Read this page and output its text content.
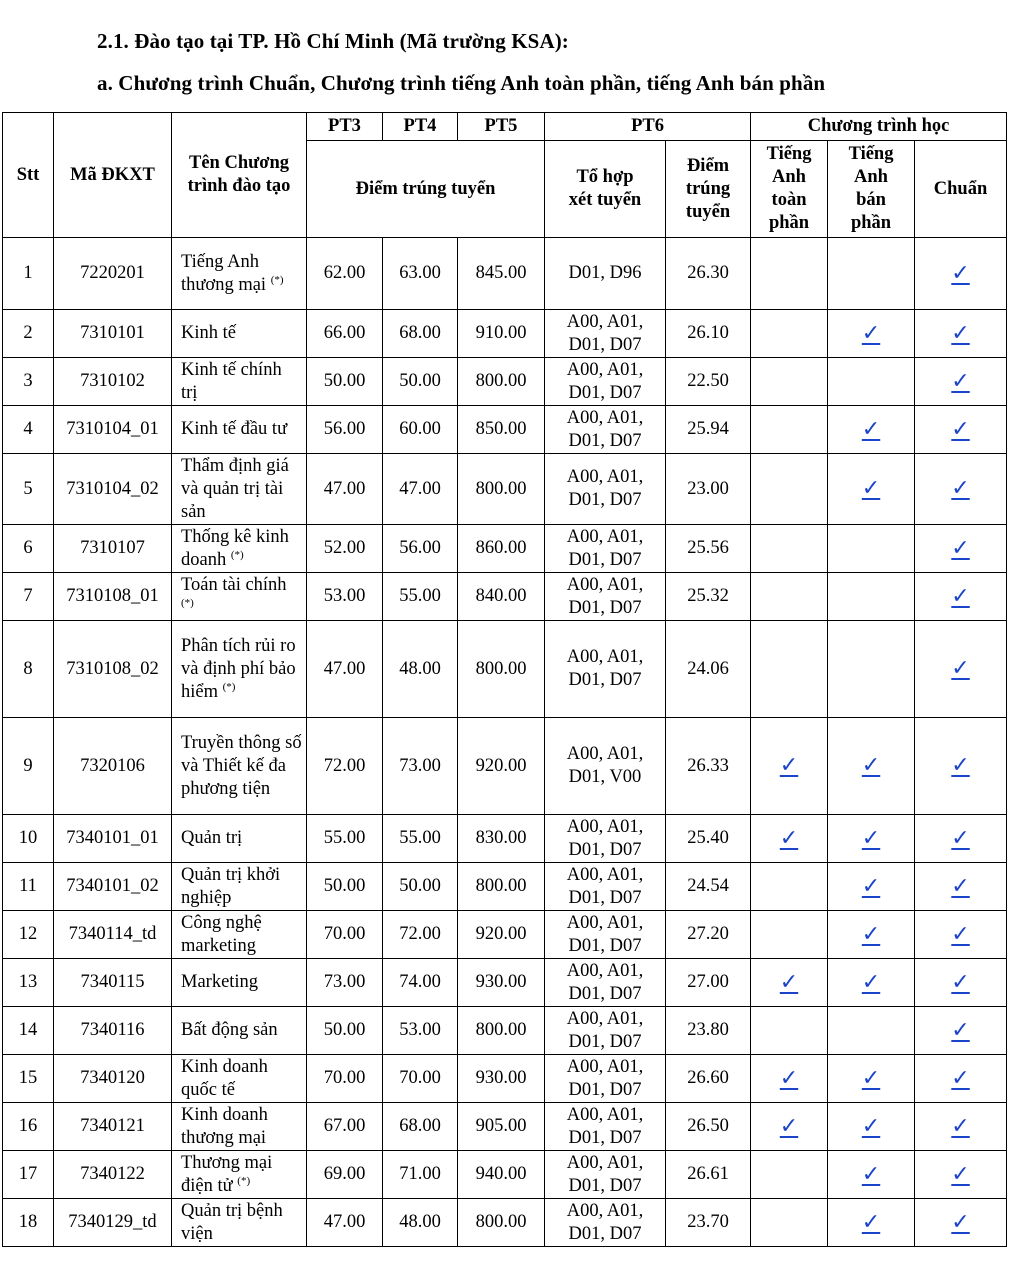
2.1. Đào tạo tại TP. Hồ Chí Minh (Mã trường KSA):
a. Chương trình Chuẩn, Chương trình tiếng Anh toàn phần, tiếng Anh bán phần
Stt	Mã ĐKXT	Tên Chương trình đào tạo	PT3	PT4	PT5	PT6		Chương trình học		
			Điểm trúng tuyển			Tổ hợp xét tuyển	Điểm trúng tuyển	Tiếng Anh toàn phần	Tiếng Anh bán phần	Chuẩn
1	7220201	Tiếng Anh thương mại (*)	62.00	63.00	845.00	D01, D96	26.30			✓
2	7310101	Kinh tế	66.00	68.00	910.00	A00, A01, D01, D07	26.10		✓	✓
3	7310102	Kinh tế chính trị	50.00	50.00	800.00	A00, A01, D01, D07	22.50			✓
4	7310104_01	Kinh tế đầu tư	56.00	60.00	850.00	A00, A01, D01, D07	25.94		✓	✓
5	7310104_02	Thẩm định giá và quản trị tài sản	47.00	47.00	800.00	A00, A01, D01, D07	23.00		✓	✓
6	7310107	Thống kê kinh doanh (*)	52.00	56.00	860.00	A00, A01, D01, D07	25.56			✓
7	7310108_01	Toán tài chính (*)	53.00	55.00	840.00	A00, A01, D01, D07	25.32			✓
8	7310108_02	Phân tích rủi ro và định phí bảo hiểm (*)	47.00	48.00	800.00	A00, A01, D01, D07	24.06			✓
9	7320106	Truyền thông số và Thiết kế đa phương tiện	72.00	73.00	920.00	A00, A01, D01, V00	26.33	✓	✓	✓
10	7340101_01	Quản trị	55.00	55.00	830.00	A00, A01, D01, D07	25.40	✓	✓	✓
11	7340101_02	Quản trị khởi nghiệp	50.00	50.00	800.00	A00, A01, D01, D07	24.54		✓	✓
12	7340114_td	Công nghệ marketing	70.00	72.00	920.00	A00, A01, D01, D07	27.20		✓	✓
13	7340115	Marketing	73.00	74.00	930.00	A00, A01, D01, D07	27.00	✓	✓	✓
14	7340116	Bất động sản	50.00	53.00	800.00	A00, A01, D01, D07	23.80			✓
15	7340120	Kinh doanh quốc tế	70.00	70.00	930.00	A00, A01, D01, D07	26.60	✓	✓	✓
16	7340121	Kinh doanh thương mại	67.00	68.00	905.00	A00, A01, D01, D07	26.50	✓	✓	✓
17	7340122	Thương mại điện tử (*)	69.00	71.00	940.00	A00, A01, D01, D07	26.61		✓	✓
18	7340129_td	Quản trị bệnh viện	47.00	48.00	800.00	A00, A01, D01, D07	23.70		✓	✓
